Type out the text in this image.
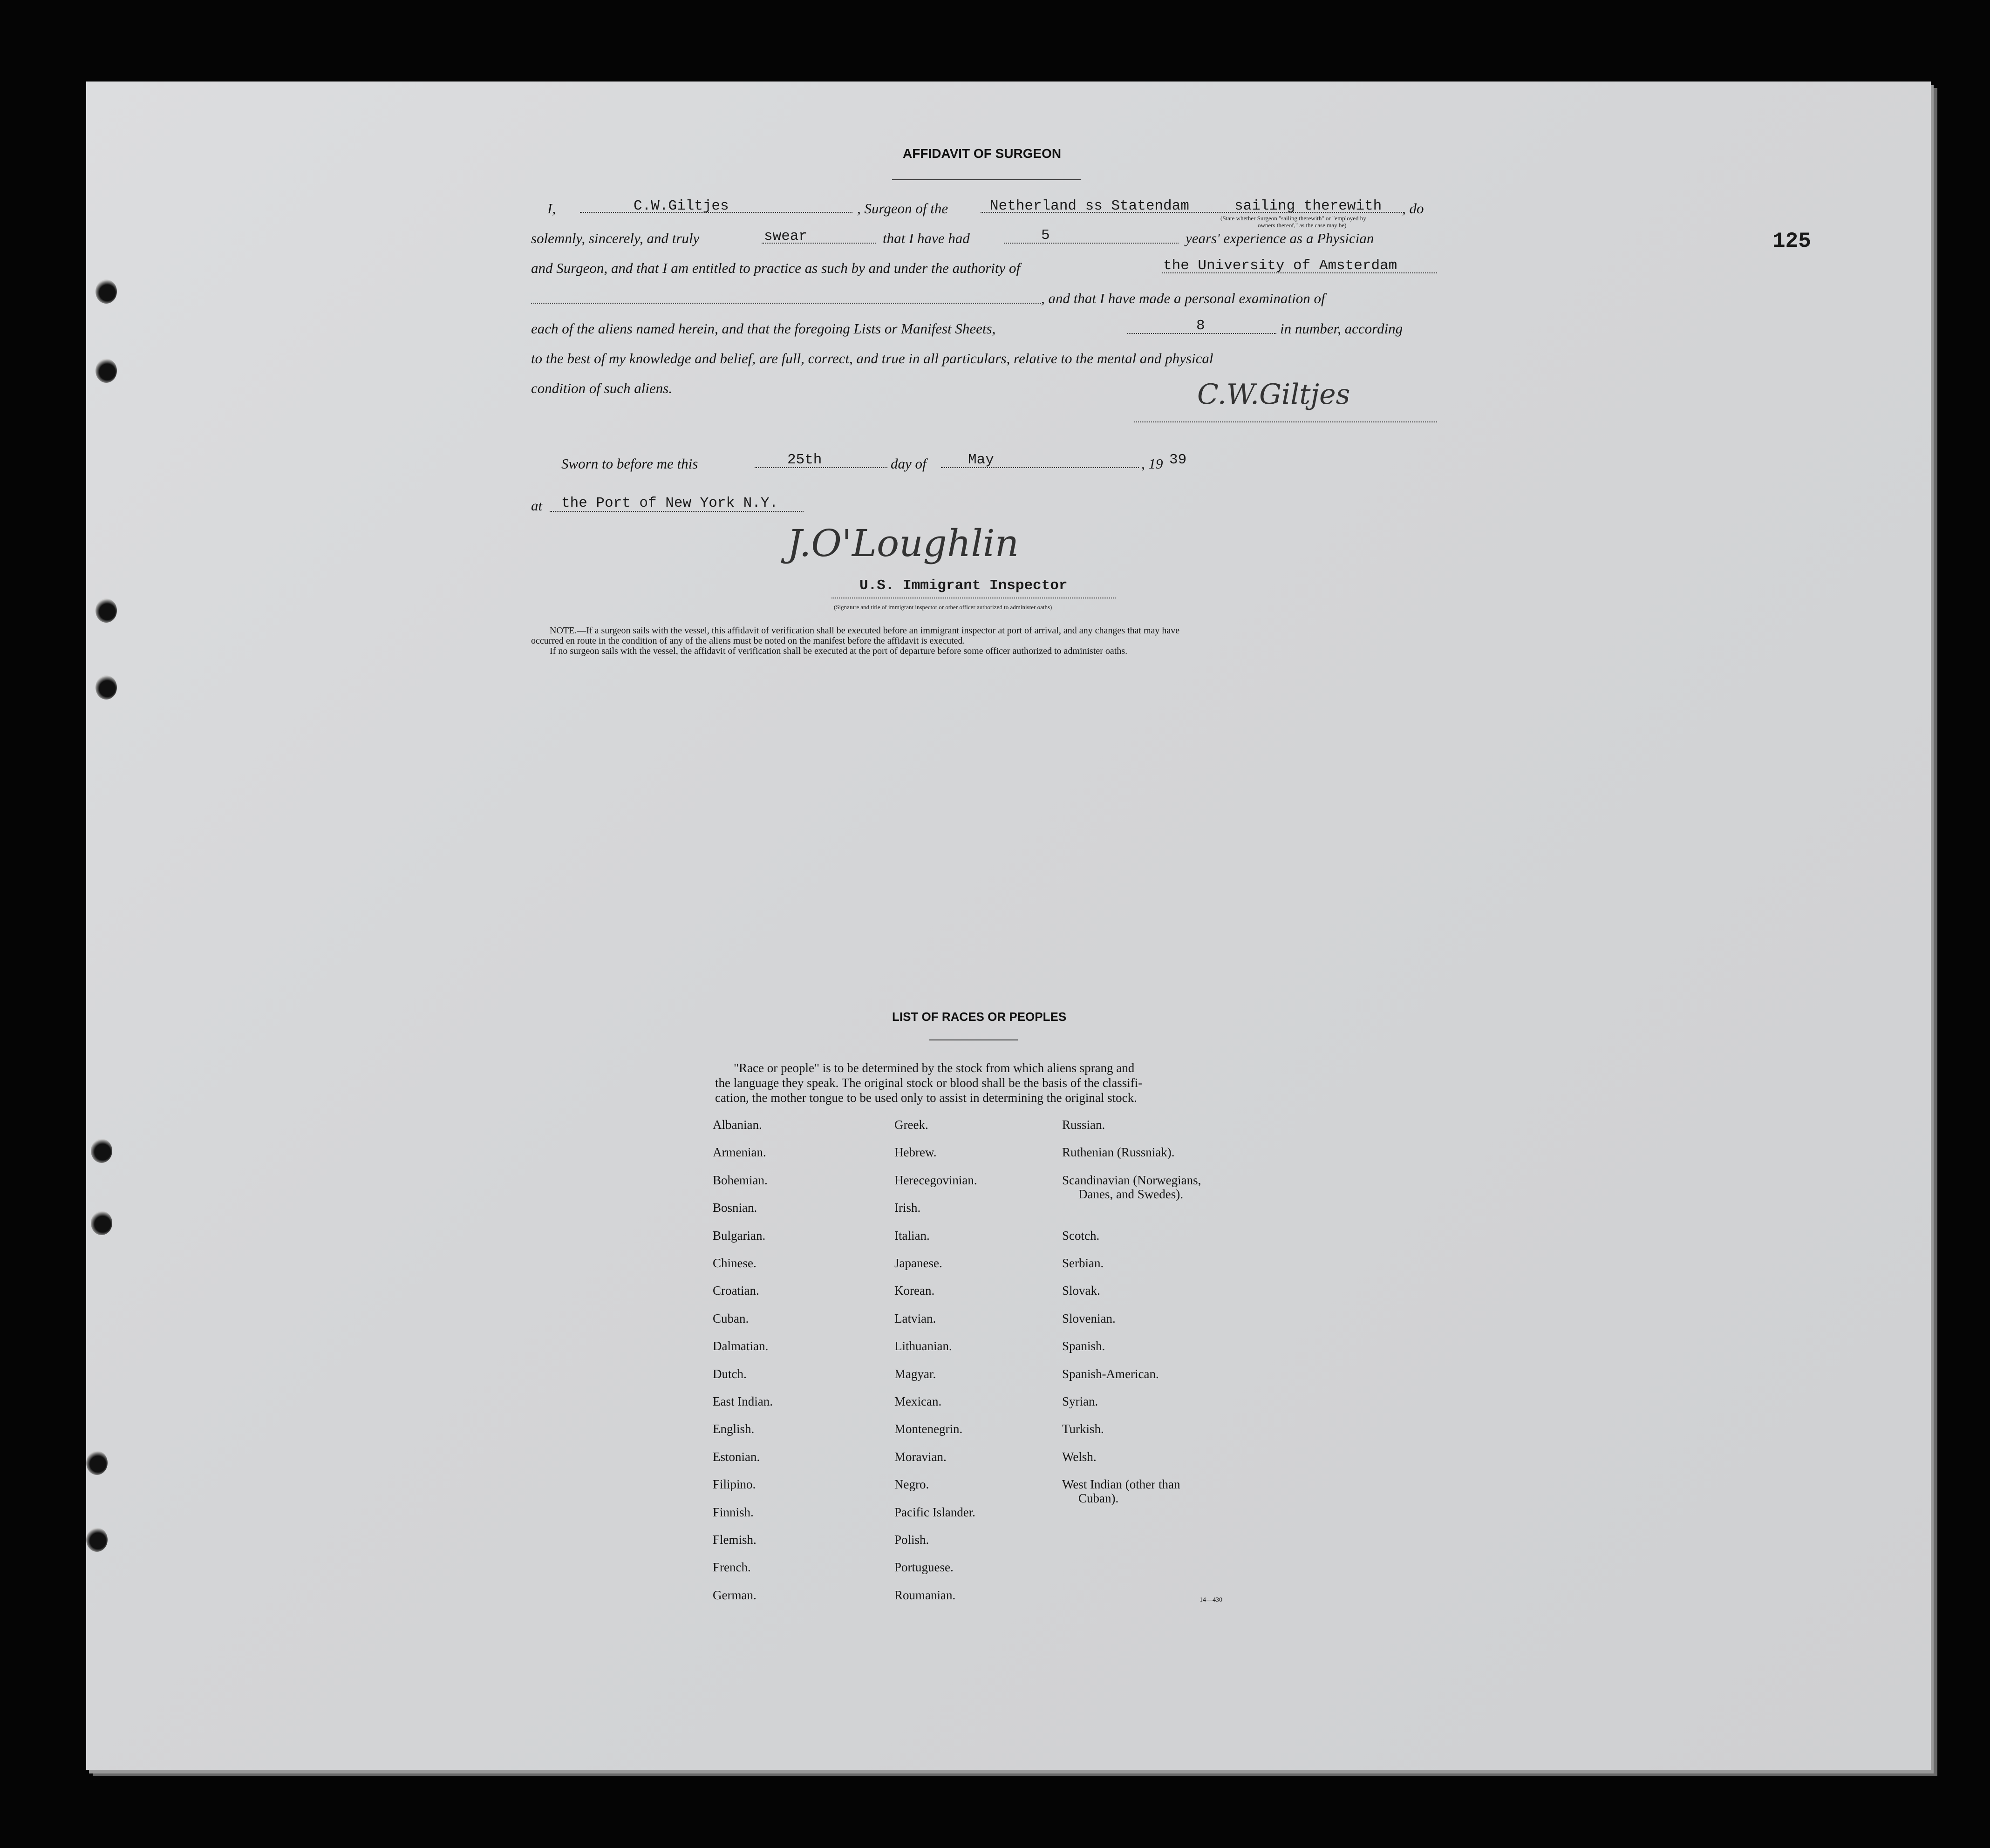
125
AFFIDAVIT OF SURGEON
I,	C.W.Giltjes	, Surgeon of the	Netherland ss Statendam	sailing therewith , do
(State whether Surgeon "sailing therewith" or "employed by
owners thereof," as the case may be)
solemnly, sincerely, and truly	swear	that I have had	5	years' experience as a Physician
and Surgeon, and that I am entitled to practice as such by and under the authority of	the University of Amsterdam
, and that I have made a personal examination of
each of the aliens named herein, and that the foregoing Lists or Manifest Sheets,	8	in number, according
to the best of my knowledge and belief, are full, correct, and true in all particulars, relative to the mental and physical
condition of such aliens.	C.W.Giltjes
Sworn to before me this	25th	day of	May	, 19 39
at the Port of New York N.Y.
J.O'Loughlin
U.S. Immigrant Inspector
(Signature and title of immigrant inspector or other officer authorized to administer oaths)
NOTE.—If a surgeon sails with the vessel, this affidavit of verification shall be executed before an immigrant inspector at port of arrival, and any changes that may have
occurred en route in the condition of any of the aliens must be noted on the manifest before the affidavit is executed.
If no surgeon sails with the vessel, the affidavit of verification shall be executed at the port of departure before some officer authorized to administer oaths.
LIST OF RACES OR PEOPLES
"Race or people" is to be determined by the stock from which aliens sprang and
the language they speak. The original stock or blood shall be the basis of the classifi-
cation, the mother tongue to be used only to assist in determining the original stock.
Albanian.
Armenian.
Bohemian.
Bosnian.
Bulgarian.
Chinese.
Croatian.
Cuban.
Dalmatian.
Dutch.
East Indian.
English.
Estonian.
Filipino.
Finnish.
Flemish.
French.
German.
Greek.
Hebrew.
Herecegovinian.
Irish.
Italian.
Japanese.
Korean.
Latvian.
Lithuanian.
Magyar.
Mexican.
Montenegrin.
Moravian.
Negro.
Pacific Islander.
Polish.
Portuguese.
Roumanian.
Russian.
Ruthenian (Russniak).
Scandinavian (Norwegians,
Danes, and Swedes).
Scotch.
Serbian.
Slovak.
Slovenian.
Spanish.
Spanish-American.
Syrian.
Turkish.
Welsh.
West Indian (other than
Cuban).
14—430
